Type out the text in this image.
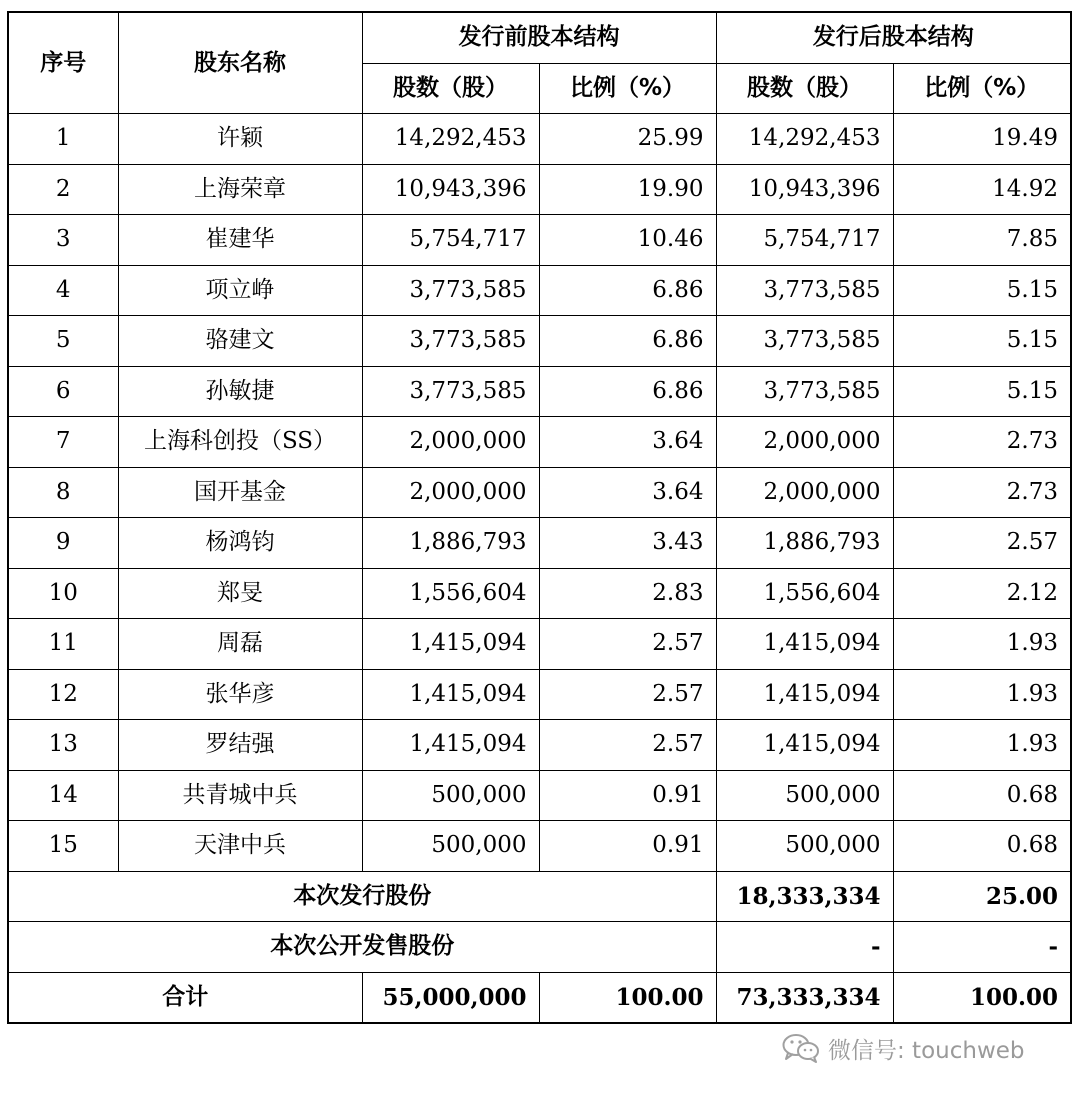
序号	股东名称	发行前股本结构		发行后股本结构	
		股数（股）	比例（%）	股数（股）	比例（%）
1	许颖	14,292,453	25.99	14,292,453	19.49
2	上海荣章	10,943,396	19.90	10,943,396	14.92
3	崔建华	5,754,717	10.46	5,754,717	7.85
4	项立峥	3,773,585	6.86	3,773,585	5.15
5	骆建文	3,773,585	6.86	3,773,585	5.15
6	孙敏捷	3,773,585	6.86	3,773,585	5.15
7	上海科创投（SS）	2,000,000	3.64	2,000,000	2.73
8	国开基金	2,000,000	3.64	2,000,000	2.73
9	杨鸿钧	1,886,793	3.43	1,886,793	2.57
10	郑旻	1,556,604	2.83	1,556,604	2.12
11	周磊	1,415,094	2.57	1,415,094	1.93
12	张华彦	1,415,094	2.57	1,415,094	1.93
13	罗结强	1,415,094	2.57	1,415,094	1.93
14	共青城中兵	500,000	0.91	500,000	0.68
15	天津中兵	500,000	0.91	500,000	0.68
本次发行股份				18,333,334	25.00
本次公开发售股份				-	-
合计		55,000,000	100.00	73,333,334	100.00
微信号: touchweb
